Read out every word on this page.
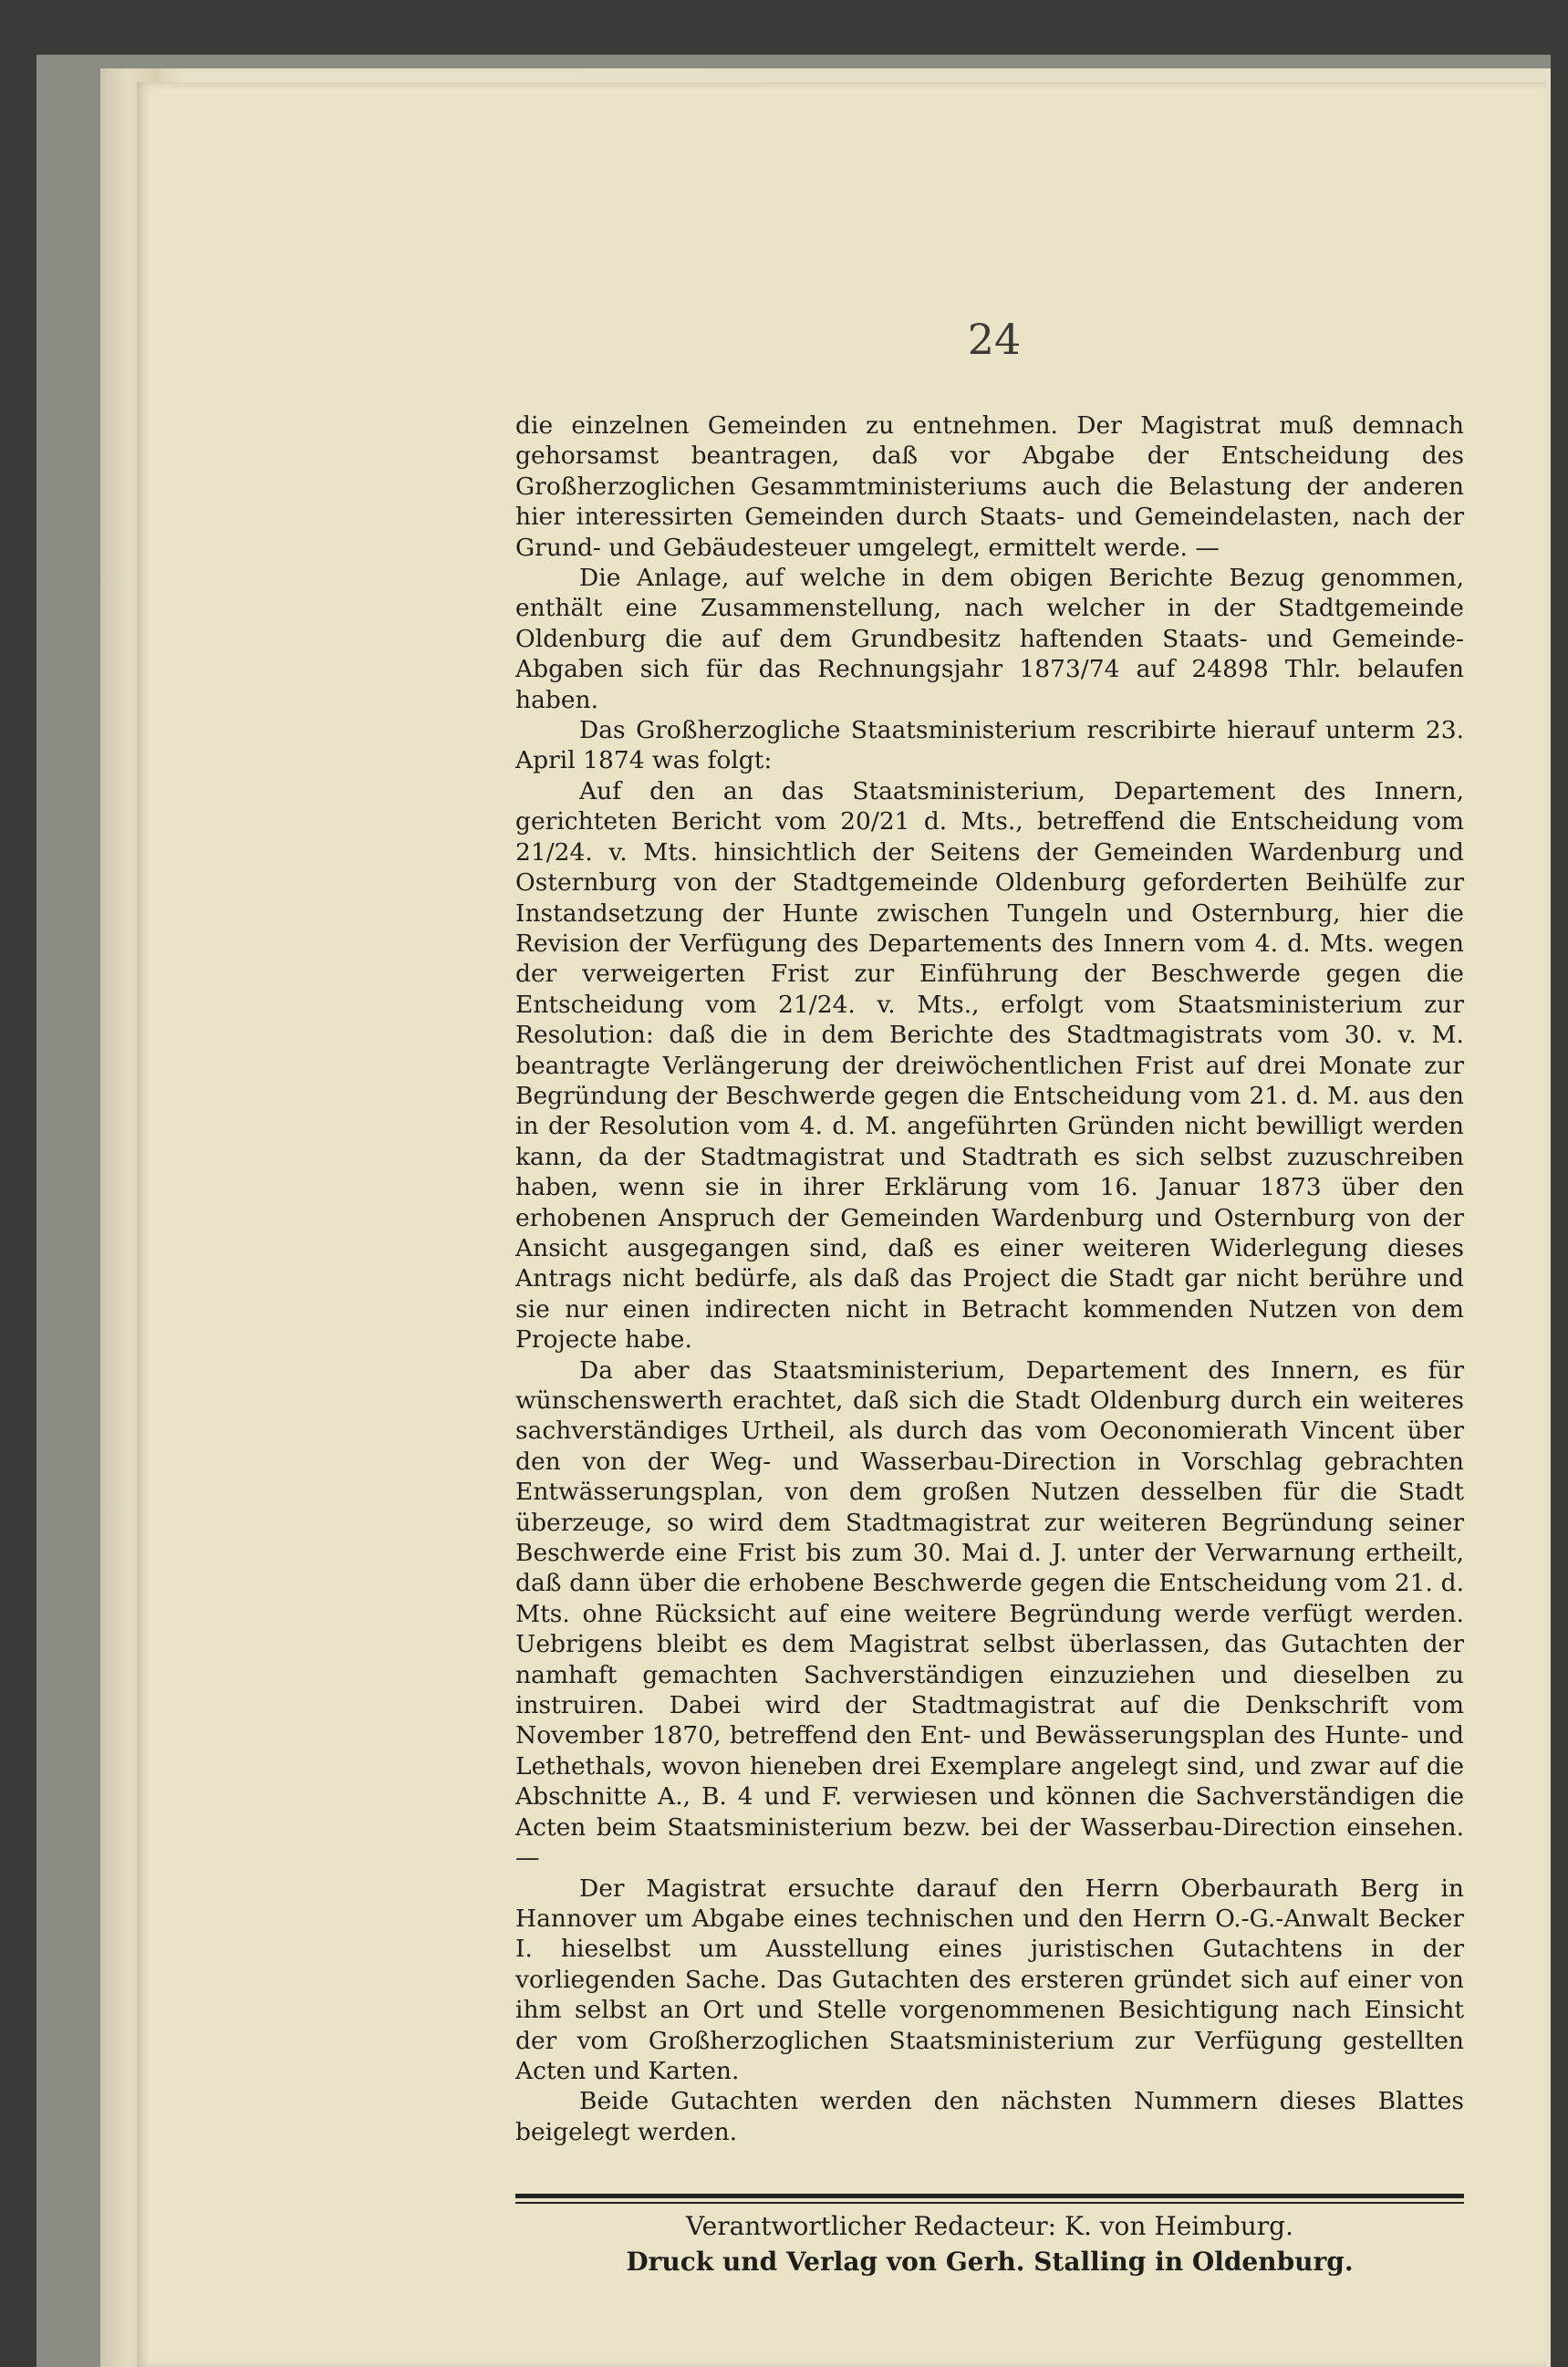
24

die einzelnen Gemeinden zu entnehmen. Der Magistrat muß demnach gehorsamst beantragen, daß vor Abgabe der Entscheidung des Großherzoglichen Gesammtministeriums auch die Belastung der anderen hier interessirten Gemeinden durch Staats- und Gemeindelasten, nach der Grund- und Gebäudesteuer umgelegt, ermittelt werde. —

Die Anlage, auf welche in dem obigen Berichte Bezug genommen, enthält eine Zusammenstellung, nach welcher in der Stadtgemeinde Oldenburg die auf dem Grundbesitz haftenden Staats- und Gemeinde-Abgaben sich für das Rechnungsjahr 1873/74 auf 24898 Thlr. belaufen haben.

Das Großherzogliche Staatsministerium rescribirte hierauf unterm 23. April 1874 was folgt:

Auf den an das Staatsministerium, Departement des Innern, gerichteten Bericht vom 20/21 d. Mts., betreffend die Entscheidung vom 21/24. v. Mts. hinsichtlich der Seitens der Gemeinden Wardenburg und Osternburg von der Stadtgemeinde Oldenburg geforderten Beihülfe zur Instandsetzung der Hunte zwischen Tungeln und Osternburg, hier die Revision der Verfügung des Departements des Innern vom 4. d. Mts. wegen der verweigerten Frist zur Einführung der Beschwerde gegen die Entscheidung vom 21/24. v. Mts., erfolgt vom Staatsministerium zur Resolution: daß die in dem Berichte des Stadtmagistrats vom 30. v. M. beantragte Verlängerung der dreiwöchentlichen Frist auf drei Monate zur Begründung der Beschwerde gegen die Entscheidung vom 21. d. M. aus den in der Resolution vom 4. d. M. angeführten Gründen nicht bewilligt werden kann, da der Stadtmagistrat und Stadtrath es sich selbst zuzuschreiben haben, wenn sie in ihrer Erklärung vom 16. Januar 1873 über den erhobenen Anspruch der Gemeinden Wardenburg und Osternburg von der Ansicht ausgegangen sind, daß es einer weiteren Widerlegung dieses Antrags nicht bedürfe, als daß das Project die Stadt gar nicht berühre und sie nur einen indirecten nicht in Betracht kommenden Nutzen von dem Projecte habe.

Da aber das Staatsministerium, Departement des Innern, es für wünschenswerth erachtet, daß sich die Stadt Oldenburg durch ein weiteres sachverständiges Urtheil, als durch das vom Oeconomierath Vincent über den von der Weg- und Wasserbau-Direction in Vorschlag gebrachten Entwässerungsplan, von dem großen Nutzen desselben für die Stadt überzeuge, so wird dem Stadtmagistrat zur weiteren Begründung seiner Beschwerde eine Frist bis zum 30. Mai d. J. unter der Verwarnung ertheilt, daß dann über die erhobene Beschwerde gegen die Entscheidung vom 21. d. Mts. ohne Rücksicht auf eine weitere Begründung werde verfügt werden. Uebrigens bleibt es dem Magistrat selbst überlassen, das Gutachten der namhaft gemachten Sachverständigen einzuziehen und dieselben zu instruiren. Dabei wird der Stadtmagistrat auf die Denkschrift vom November 1870, betreffend den Ent- und Bewässerungsplan des Hunte- und Lethethals, wovon hieneben drei Exemplare angelegt sind, und zwar auf die Abschnitte A., B. 4 und F. verwiesen und können die Sachverständigen die Acten beim Staatsministerium bezw. bei der Wasserbau-Direction einsehen. —

Der Magistrat ersuchte darauf den Herrn Oberbaurath Berg in Hannover um Abgabe eines technischen und den Herrn O.-G.-Anwalt Becker I. hieselbst um Ausstellung eines juristischen Gutachtens in der vorliegenden Sache. Das Gutachten des ersteren gründet sich auf einer von ihm selbst an Ort und Stelle vorgenommenen Besichtigung nach Einsicht der vom Großherzoglichen Staatsministerium zur Verfügung gestellten Acten und Karten.

Beide Gutachten werden den nächsten Nummern dieses Blattes beigelegt werden.

Verantwortlicher Redacteur: K. von Heimburg.
Druck und Verlag von Gerh. Stalling in Oldenburg.
